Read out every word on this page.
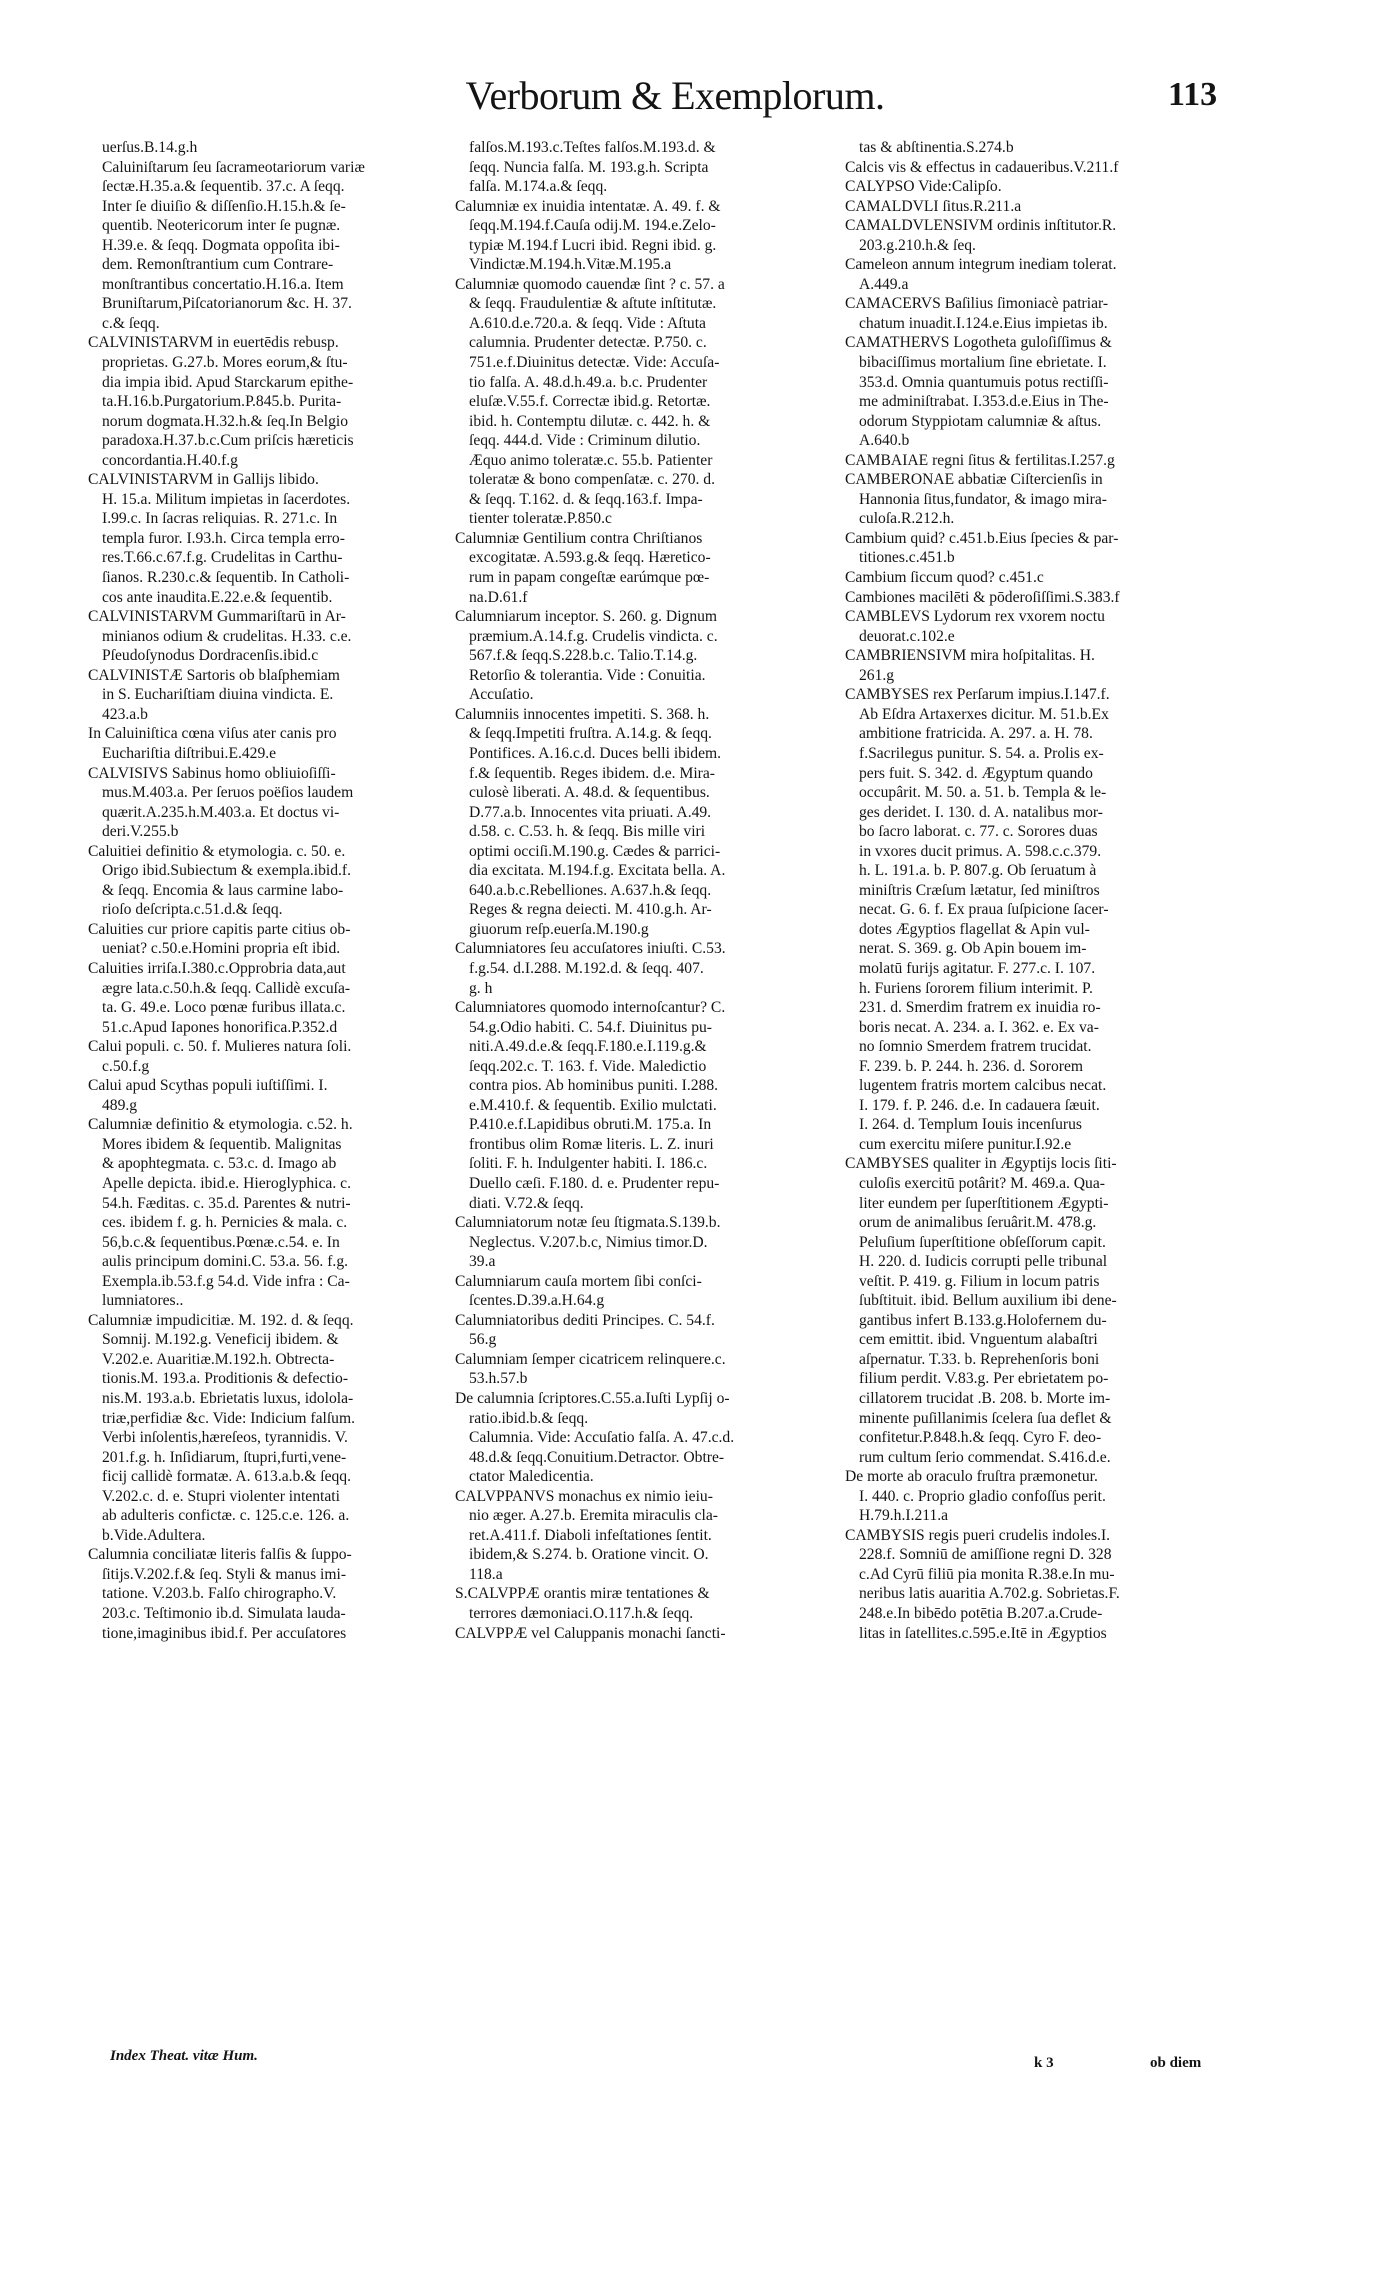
Verborum & Exemplorum.	113
uerſus.B.14.g.h
Caluiniſtarum ſeu ſacrameotariorum variæ
ſectæ.H.35.a.& ſequentib. 37.c. A ſeqq.
Inter ſe diuiſio & diſſenſio.H.15.h.& ſe-
quentib. Neotericorum inter ſe pugnæ.
H.39.e. & ſeqq. Dogmata oppoſita ibi-
dem. Remonſtrantium cum Contrare-
monſtrantibus concertatio.H.16.a. Item
Bruniſtarum,Piſcatorianorum &c. H. 37.
c.& ſeqq.
CALVINISTARVM in euertēdis rebusp.
proprietas. G.27.b. Mores eorum,& ſtu-
dia impia ibid. Apud Starckarum epithe-
ta.H.16.b.Purgatorium.P.845.b. Purita-
norum dogmata.H.32.h.& ſeq.In Belgio
paradoxa.H.37.b.c.Cum priſcis hæreticis
concordantia.H.40.f.g
CALVINISTARVM in Gallijs libido.
H. 15.a. Militum impietas in ſacerdotes.
I.99.c. In ſacras reliquias. R. 271.c. In
templa furor. I.93.h. Circa templa erro-
res.T.66.c.67.f.g. Crudelitas in Carthu-
ſianos. R.230.c.& ſequentib. In Catholi-
cos ante inaudita.E.22.e.& ſequentib.
CALVINISTARVM Gummariſtarū in Ar-
minianos odium & crudelitas. H.33. c.e.
Pſeudoſynodus Dordracenſis.ibid.c
CALVINISTÆ Sartoris ob blaſphemiam
in S. Euchariſtiam diuina vindicta. E.
423.a.b
In Caluiniſtica cœna viſus ater canis pro
Euchariſtia diſtribui.E.429.e
CALVISIVS Sabinus homo obliuioſiſſi-
mus.M.403.a. Per ſeruos poëſios laudem
quærit.A.235.h.M.403.a. Et doctus vi-
deri.V.255.b
Caluitiei definitio & etymologia. c. 50. e.
Origo ibid.Subiectum & exempla.ibid.f.
& ſeqq. Encomia & laus carmine labo-
rioſo deſcripta.c.51.d.& ſeqq.
Caluities cur priore capitis parte citius ob-
ueniat? c.50.e.Homini propria eſt ibid.
Caluities irriſa.I.380.c.Opprobria data,aut
ægre lata.c.50.h.& ſeqq. Callidè excuſa-
ta. G. 49.e. Loco pœnæ furibus illata.c.
51.c.Apud Iapones honorifica.P.352.d
Calui populi. c. 50. f. Mulieres natura ſoli.
c.50.f.g
Calui apud Scythas populi iuſtiſſimi. I.
489.g
Calumniæ definitio & etymologia. c.52. h.
Mores ibidem & ſequentib. Malignitas
& apophtegmata. c. 53.c. d. Imago ab
Apelle depicta. ibid.e. Hieroglyphica. c.
54.h. Fæditas. c. 35.d. Parentes & nutri-
ces. ibidem f. g. h. Pernicies & mala. c.
56,b.c.& ſequentibus.Pœnæ.c.54. e. In
aulis principum domini.C. 53.a. 56. f.g.
Exempla.ib.53.f.g 54.d. Vide infra : Ca-
lumniatores..
Calumniæ impudicitiæ. M. 192. d. & ſeqq.
Somnij. M.192.g. Veneficij ibidem. &
V.202.e. Auaritiæ.M.192.h. Obtrecta-
tionis.M. 193.a. Proditionis & defectio-
nis.M. 193.a.b. Ebrietatis luxus, idolola-
triæ,perfidiæ &c. Vide: Indicium falſum.
Verbi inſolentis,hæreſeos, tyrannidis. V.
201.f.g. h. Inſidiarum, ſtupri,furti,vene-
ficij callidè formatæ. A. 613.a.b.& ſeqq.
V.202.c. d. e. Stupri violenter intentati
ab adulteris confictæ. c. 125.c.e. 126. a.
b.Vide.Adultera.
Calumnia conciliatæ literis falſis & ſuppo-
ſitijs.V.202.f.& ſeq. Styli & manus imi-
tatione. V.203.b. Falſo chirographo.V.
203.c. Teſtimonio ib.d. Simulata lauda-
tione,imaginibus ibid.f. Per accuſatores
falſos.M.193.c.Teſtes falſos.M.193.d. &
ſeqq. Nuncia falſa. M. 193.g.h. Scripta
falſa. M.174.a.& ſeqq.
Calumniæ ex inuidia intentatæ. A. 49. f. &
ſeqq.M.194.f.Cauſa odij.M. 194.e.Zelo-
typiæ M.194.f Lucri ibid. Regni ibid. g.
Vindictæ.M.194.h.Vitæ.M.195.a
Calumniæ quomodo cauendæ ſint ? c. 57. a
& ſeqq. Fraudulentiæ & aſtute inſtitutæ.
A.610.d.e.720.a. & ſeqq. Vide : Aſtuta
calumnia. Prudenter detectæ. P.750. c.
751.e.f.Diuinitus detectæ. Vide: Accuſa-
tio falſa. A. 48.d.h.49.a. b.c. Prudenter
eluſæ.V.55.f. Correctæ ibid.g. Retortæ.
ibid. h. Contemptu dilutæ. c. 442. h. &
ſeqq. 444.d. Vide : Criminum dilutio.
Æquo animo toleratæ.c. 55.b. Patienter
toleratæ & bono compenſatæ. c. 270. d.
& ſeqq. T.162. d. & ſeqq.163.f. Impa-
tienter toleratæ.P.850.c
Calumniæ Gentilium contra Chriſtianos
excogitatæ. A.593.g.& ſeqq. Hæretico-
rum in papam congeſtæ earúmque pœ-
na.D.61.f
Calumniarum inceptor. S. 260. g. Dignum
præmium.A.14.f.g. Crudelis vindicta. c.
567.f.& ſeqq.S.228.b.c. Talio.T.14.g.
Retorſio & tolerantia. Vide : Conuitia.
Accuſatio.
Calumniis innocentes impetiti. S. 368. h.
& ſeqq.Impetiti fruſtra. A.14.g. & ſeqq.
Pontifices. A.16.c.d. Duces belli ibidem.
f.& ſequentib. Reges ibidem. d.e. Mira-
culosè liberati. A. 48.d. & ſequentibus.
D.77.a.b. Innocentes vita priuati. A.49.
d.58. c. C.53. h. & ſeqq. Bis mille viri
optimi occiſi.M.190.g. Cædes & parrici-
dia excitata. M.194.f.g. Excitata bella. A.
640.a.b.c.Rebelliones. A.637.h.& ſeqq.
Reges & regna deiecti. M. 410.g.h. Ar-
giuorum reſp.euerſa.M.190.g
Calumniatores ſeu accuſatores iniuſti. C.53.
f.g.54. d.I.288. M.192.d. & ſeqq. 407.
g. h
Calumniatores quomodo internoſcantur? C.
54.g.Odio habiti. C. 54.f. Diuinitus pu-
niti.A.49.d.e.& ſeqq.F.180.e.I.119.g.&
ſeqq.202.c. T. 163. f. Vide. Maledictio
contra pios. Ab hominibus puniti. I.288.
e.M.410.f. & ſequentib. Exilio mulctati.
P.410.e.f.Lapidibus obruti.M. 175.a. In
frontibus olim Romæ literis. L. Z. inuri
ſoliti. F. h. Indulgenter habiti. I. 186.c.
Duello cæſi. F.180. d. e. Prudenter repu-
diati. V.72.& ſeqq.
Calumniatorum notæ ſeu ſtigmata.S.139.b.
Neglectus. V.207.b.c, Nimius timor.D.
39.a
Calumniarum cauſa mortem ſibi conſci-
ſcentes.D.39.a.H.64.g
Calumniatoribus dediti Principes. C. 54.f.
56.g
Calumniam ſemper cicatricem relinquere.c.
53.h.57.b
De calumnia ſcriptores.C.55.a.Iuſti Lypſij o-
ratio.ibid.b.& ſeqq.
Calumnia. Vide: Accuſatio falſa. A. 47.c.d.
48.d.& ſeqq.Conuitium.Detractor. Obtre-
ctator Maledicentia.
CALVPPANVS monachus ex nimio ieiu-
nio æger. A.27.b. Eremita miraculis cla-
ret.A.411.f. Diaboli infeſtationes ſentit.
ibidem,& S.274. b. Oratione vincit. O.
118.a
S.CALVPPÆ orantis miræ tentationes &
terrores dæmoniaci.O.117.h.& ſeqq.
CALVPPÆ vel Caluppanis monachi ſancti-
tas & abſtinentia.S.274.b
Calcis vis & effectus in cadaueribus.V.211.f
CALYPSO Vide:Calipſo.
CAMALDVLI ſitus.R.211.a
CAMALDVLENSIVM ordinis inſtitutor.R.
203.g.210.h.& ſeq.
Cameleon annum integrum inediam tolerat.
A.449.a
CAMACERVS Baſilius ſimoniacè patriar-
chatum inuadit.I.124.e.Eius impietas ib.
CAMATHERVS Logotheta guloſiſſimus &
bibaciſſimus mortalium ſine ebrietate. I.
353.d. Omnia quantumuis potus rectiſſi-
me adminiſtrabat. I.353.d.e.Eius in The-
odorum Styppiotam calumniæ & aſtus.
A.640.b
CAMBAIAE regni ſitus & fertilitas.I.257.g
CAMBERONAE abbatiæ Ciſtercienſis in
Hannonia ſitus,fundator, & imago mira-
culoſa.R.212.h.
Cambium quid? c.451.b.Eius ſpecies & par-
titiones.c.451.b
Cambium ſiccum quod? c.451.c
Cambiones macilēti & pōderoſiſſimi.S.383.f
CAMBLEVS Lydorum rex vxorem noctu
deuorat.c.102.e
CAMBRIENSIVM mira hoſpitalitas. H.
261.g
CAMBYSES rex Perſarum impius.I.147.f.
Ab Eſdra Artaxerxes dicitur. M. 51.b.Ex
ambitione fratricida. A. 297. a. H. 78.
f.Sacrilegus punitur. S. 54. a. Prolis ex-
pers fuit. S. 342. d. Ægyptum quando
occupârit. M. 50. a. 51. b. Templa & le-
ges deridet. I. 130. d. A. natalibus mor-
bo ſacro laborat. c. 77. c. Sorores duas
in vxores ducit primus. A. 598.c.c.379.
h. L. 191.a. b. P. 807.g. Ob ſeruatum à
miniſtris Cræſum lætatur, ſed miniſtros
necat. G. 6. f. Ex praua ſuſpicione ſacer-
dotes Ægyptios flagellat & Apin vul-
nerat. S. 369. g. Ob Apin bouem im-
molatū furijs agitatur. F. 277.c. I. 107.
h. Furiens ſororem filium interimit. P.
231. d. Smerdim fratrem ex inuidia ro-
boris necat. A. 234. a. I. 362. e. Ex va-
no ſomnio Smerdem fratrem trucidat.
F. 239. b. P. 244. h. 236. d. Sororem
lugentem fratris mortem calcibus necat.
I. 179. f. P. 246. d.e. In cadauera ſæuit.
I. 264. d. Templum Iouis incenſurus
cum exercitu miſere punitur.I.92.e
CAMBYSES qualiter in Ægyptijs locis ſiti-
culoſis exercitū potârit? M. 469.a. Qua-
liter eundem per ſuperſtitionem Ægypti-
orum de animalibus ſeruârit.M. 478.g.
Peluſium ſuperſtitione obſeſſorum capit.
H. 220. d. Iudicis corrupti pelle tribunal
veſtit. P. 419. g. Filium in locum patris
ſubſtituit. ibid. Bellum auxilium ibi dene-
gantibus infert B.133.g.Holofernem du-
cem emittit. ibid. Vnguentum alabaſtri
aſpernatur. T.33. b. Reprehenſoris boni
filium perdit. V.83.g. Per ebrietatem po-
cillatorem trucidat .B. 208. b. Morte im-
minente puſillanimis ſcelera ſua deflet &
confitetur.P.848.h.& ſeqq. Cyro F. deo-
rum cultum ſerio commendat. S.416.d.e.
De morte ab oraculo fruſtra præmonetur.
I. 440. c. Proprio gladio confoſſus perit.
H.79.h.I.211.a
CAMBYSIS regis pueri crudelis indoles.I.
228.f. Somniū de amiſſione regni D. 328
c.Ad Cyrū filiū pia monita R.38.e.In mu-
neribus latis auaritia A.702.g. Sobrietas.F.
248.e.In bibēdo potētia B.207.a.Crude-
litas in ſatellites.c.595.e.Itē in Ægyptios
Index Theat. vitæ Hum.	k 3	ob diem
